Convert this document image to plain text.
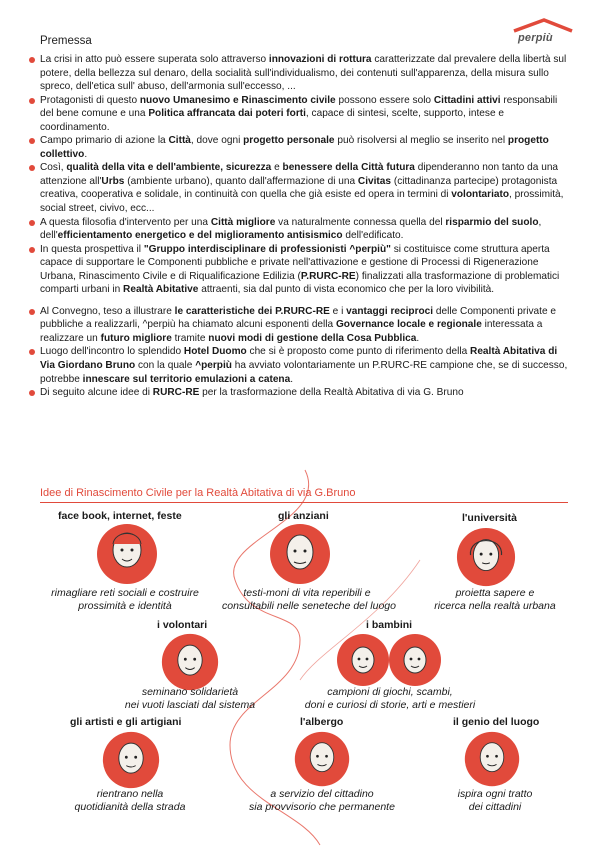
perpiù
Premessa
La crisi in atto può essere superata solo attraverso innovazioni di rottura caratterizzate dal prevalere della libertà sul potere, della bellezza sul denaro, della socialità sull'individualismo, dei contenuti sull'apparenza, della misura sullo spreco, dell'etica sull' abuso, dell'armonia sull'eccesso, ...
Protagonisti di questo nuovo Umanesimo e Rinascimento civile possono essere solo Cittadini attivi responsabili del bene comune e una Politica affrancata dai poteri forti, capace di sintesi, scelte, supporto, intese e coordinamento.
Campo primario di azione la Città, dove ogni progetto personale può risolversi al meglio se inserito nel progetto collettivo.
Così, qualità della vita e dell'ambiente, sicurezza e benessere della Città futura dipenderanno non tanto da una attenzione all'Urbs (ambiente urbano), quanto dall'affermazione di una Civitas (cittadinanza partecipe) protagonista creativa, cooperativa e solidale, in continuità con quella che già esiste ed opera in termini di volontariato, prossimità, social street, civivo, ecc...
A questa filosofia d'intervento per una Città migliore va naturalmente connessa quella del risparmio del suolo, dell'efficientamento energetico e del miglioramento antisismico dell'edificato.
In questa prospettiva il "Gruppo interdisciplinare di professionisti ^perpiù" si costituisce come struttura aperta capace di supportare le Componenti pubbliche e private nell'attivazione e gestione di Processi di Rigenerazione Urbana, Rinascimento Civile e di Riqualificazione Edilizia (P.RURC-RE) finalizzati alla trasformazione di problematici comparti urbani in Realtà Abitative attraenti, sia dal punto di vista economico che per la loro vivibilità.
Al Convegno, teso a illustrare le caratteristiche dei P.RURC-RE e i vantaggi reciproci delle Componenti private e pubbliche a realizzarli, ^perpiù ha chiamato alcuni esponenti della Governance locale e regionale interessata a realizzare un futuro migliore tramite nuovi modi di gestione della Cosa Pubblica.
Luogo dell'incontro lo splendido Hotel Duomo che si è proposto come punto di riferimento della Realtà Abitativa di Via Giordano Bruno con la quale ^perpiù ha avviato volontariamente un P.RURC-RE campione che, se di successo, potrebbe innescare sul territorio emulazioni a catena.
Di seguito alcune idee di RURC-RE per la trasformazione della Realtà Abitativa di via G. Bruno
Idee di Rinascimento Civile per la Realtà Abitativa di via G.Bruno
face book, internet, feste
rimagliare reti sociali e costruire
prossimità e identità
gli anziani
testi-moni di vita reperibili e
consultabili nelle seneteche del luogo
l'università
proietta sapere e
ricerca nella realtà urbana
i volontari
seminano solidarietà
nei vuoti lasciati dal sistema
i bambini
campioni di giochi, scambi,
doni e curiosi di storie, arti e mestieri
gli artisti e gli artigiani
rientrano nella
quotidianità della strada
l'albergo
a servizio del cittadino
sia provvisorio che permanente
il genio del luogo
ispira ogni tratto
dei cittadini
